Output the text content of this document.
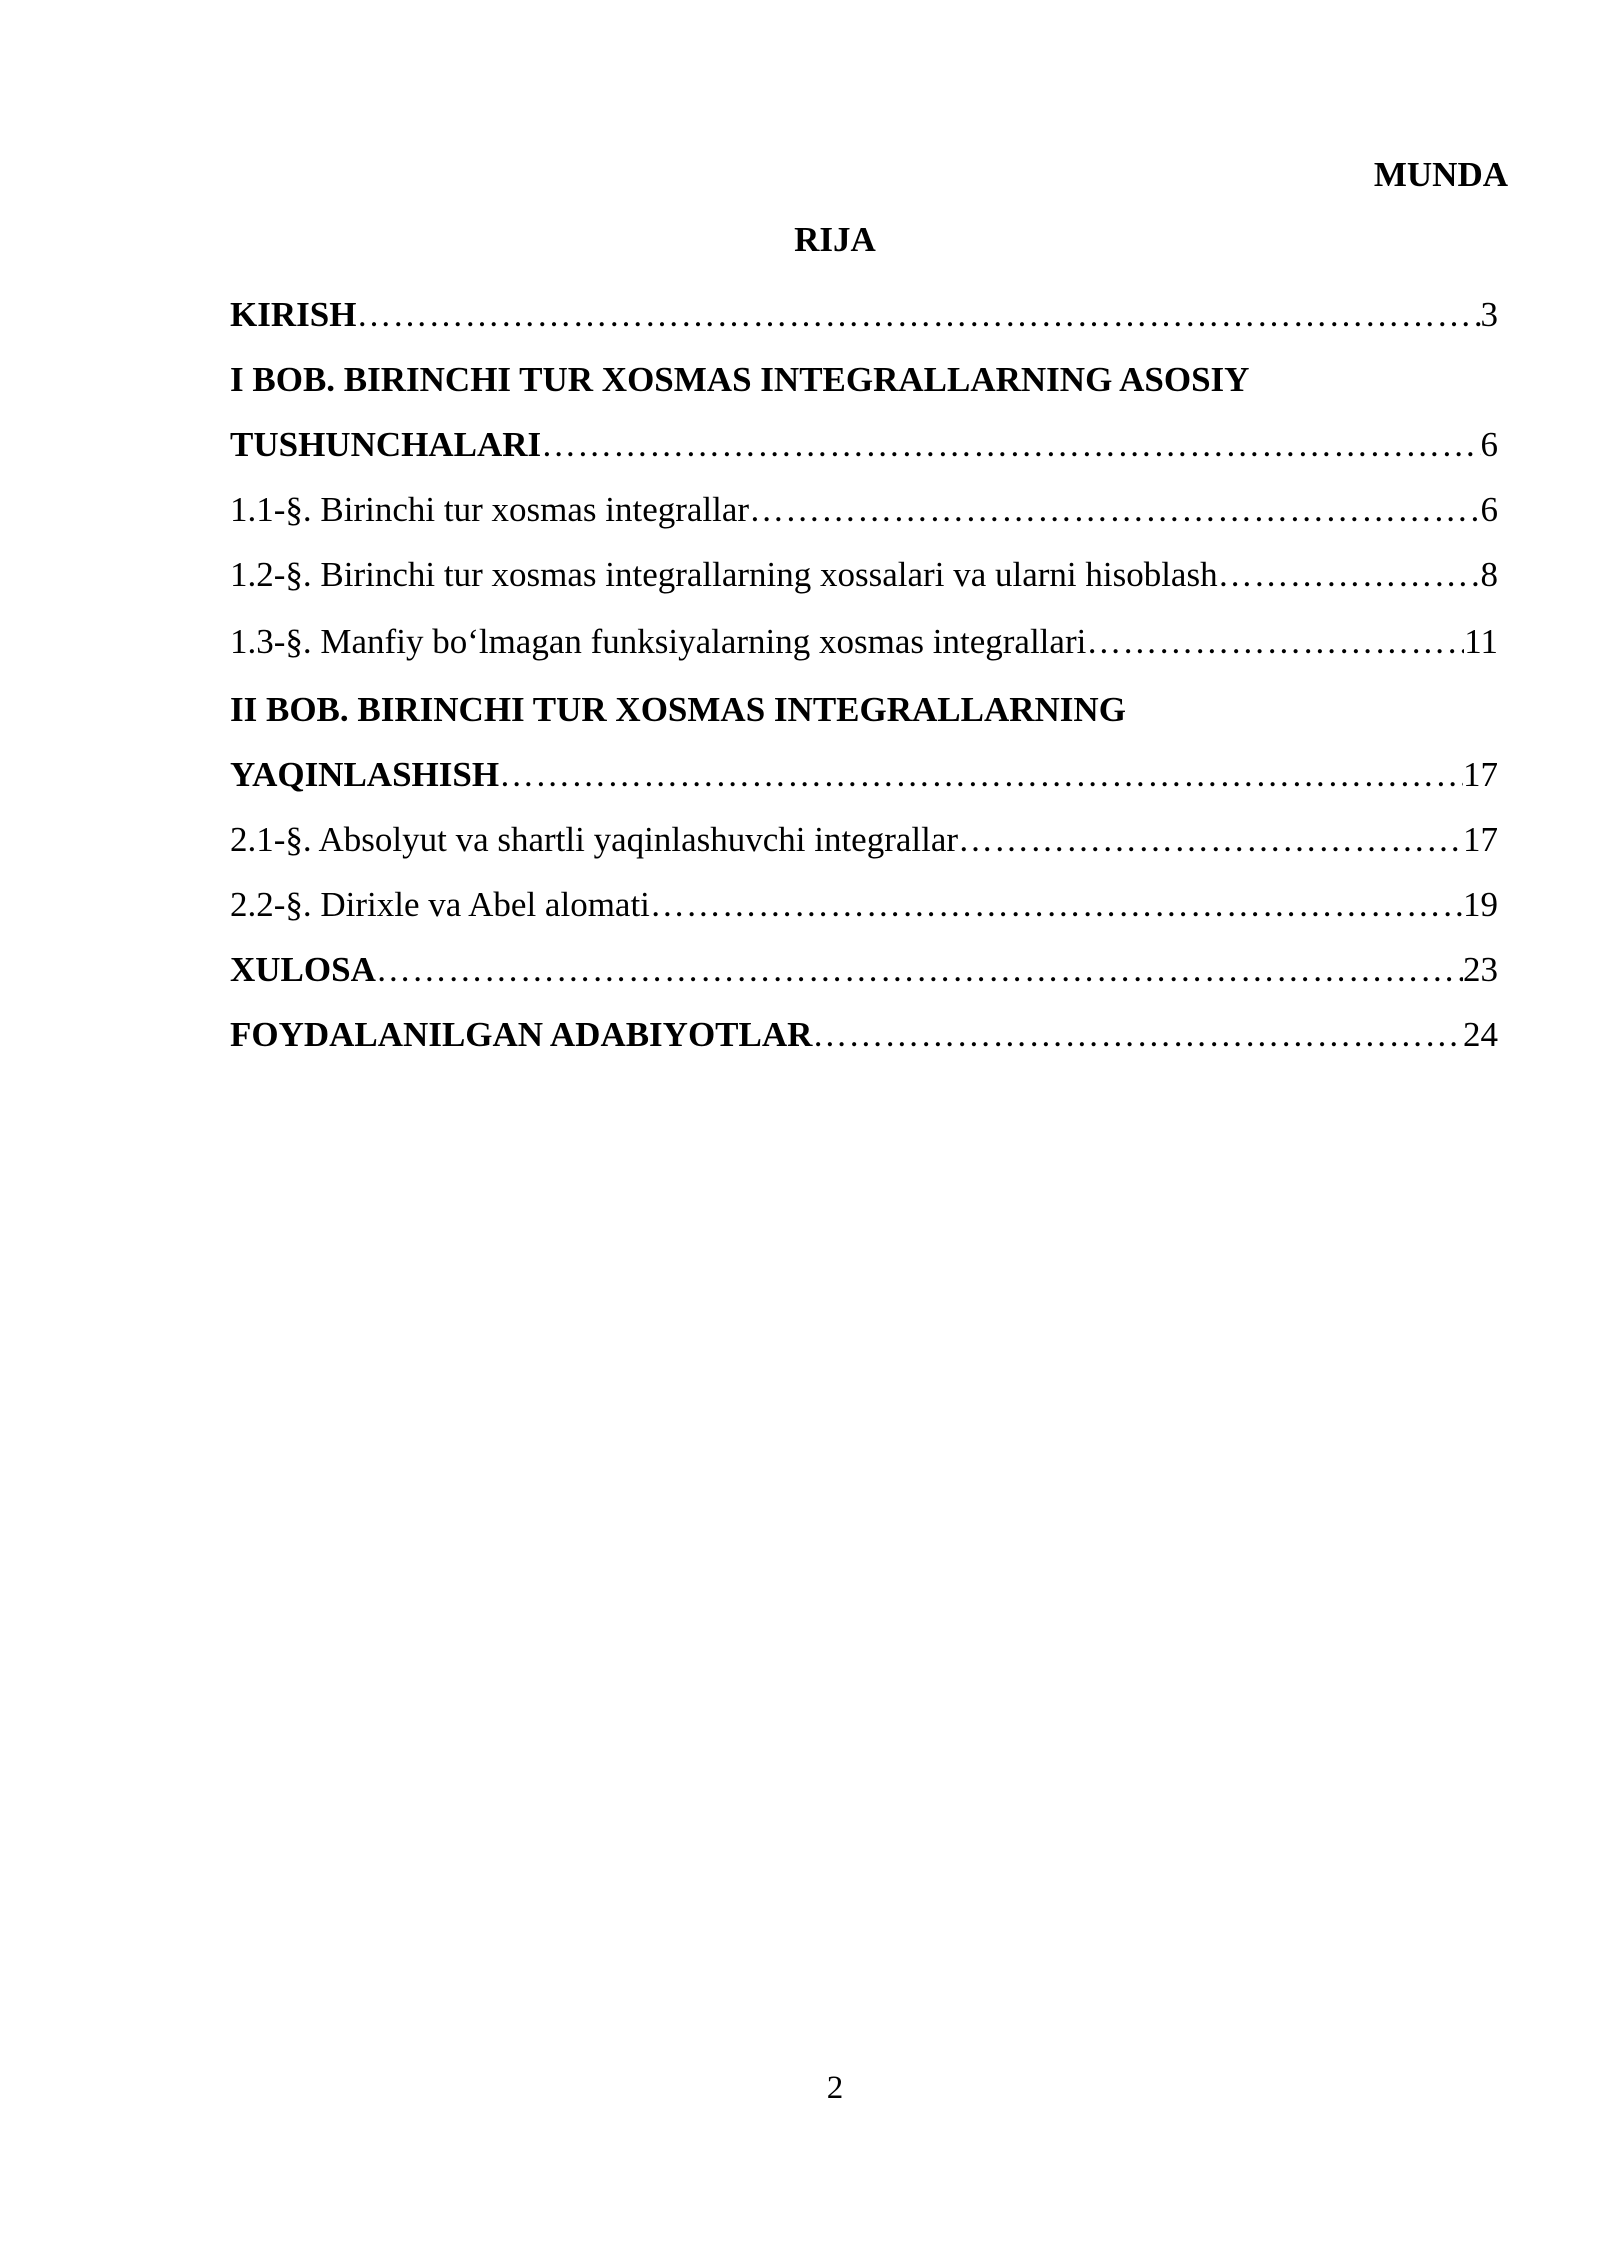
MUNDA
RIJA
KIRISH ……………………………………………………………………………………………………………………………………………………………………	3
I BOB. BIRINCHI TUR XOSMAS INTEGRALLARNING ASOSIY
TUSHUNCHALARI ……………………………………………………………………………………………………………………………………………………………………	6
1.1-§. Birinchi tur xosmas integrallar ……………………………………………………………………………………………………………………………………………………………………	6
1.2-§. Birinchi tur xosmas integrallarning xossalari va ularni hisoblash ……………………………………………………………………………………………………………………………………………………………………	8
1.3-§. Manfiy boʻlmagan funksiyalarning xosmas integrallari ……………………………………………………………………………………………………………………………………………………………………	11
II BOB. BIRINCHI TUR XOSMAS INTEGRALLARNING
YAQINLASHISH ……………………………………………………………………………………………………………………………………………………………………	17
2.1-§. Absolyut va shartli yaqinlashuvchi integrallar ……………………………………………………………………………………………………………………………………………………………………	17
2.2-§. Dirixle va Abel alomati ……………………………………………………………………………………………………………………………………………………………………	19
XULOSA ……………………………………………………………………………………………………………………………………………………………………	23
FOYDALANILGAN ADABIYOTLAR ……………………………………………………………………………………………………………………………………………………………………	24
2
